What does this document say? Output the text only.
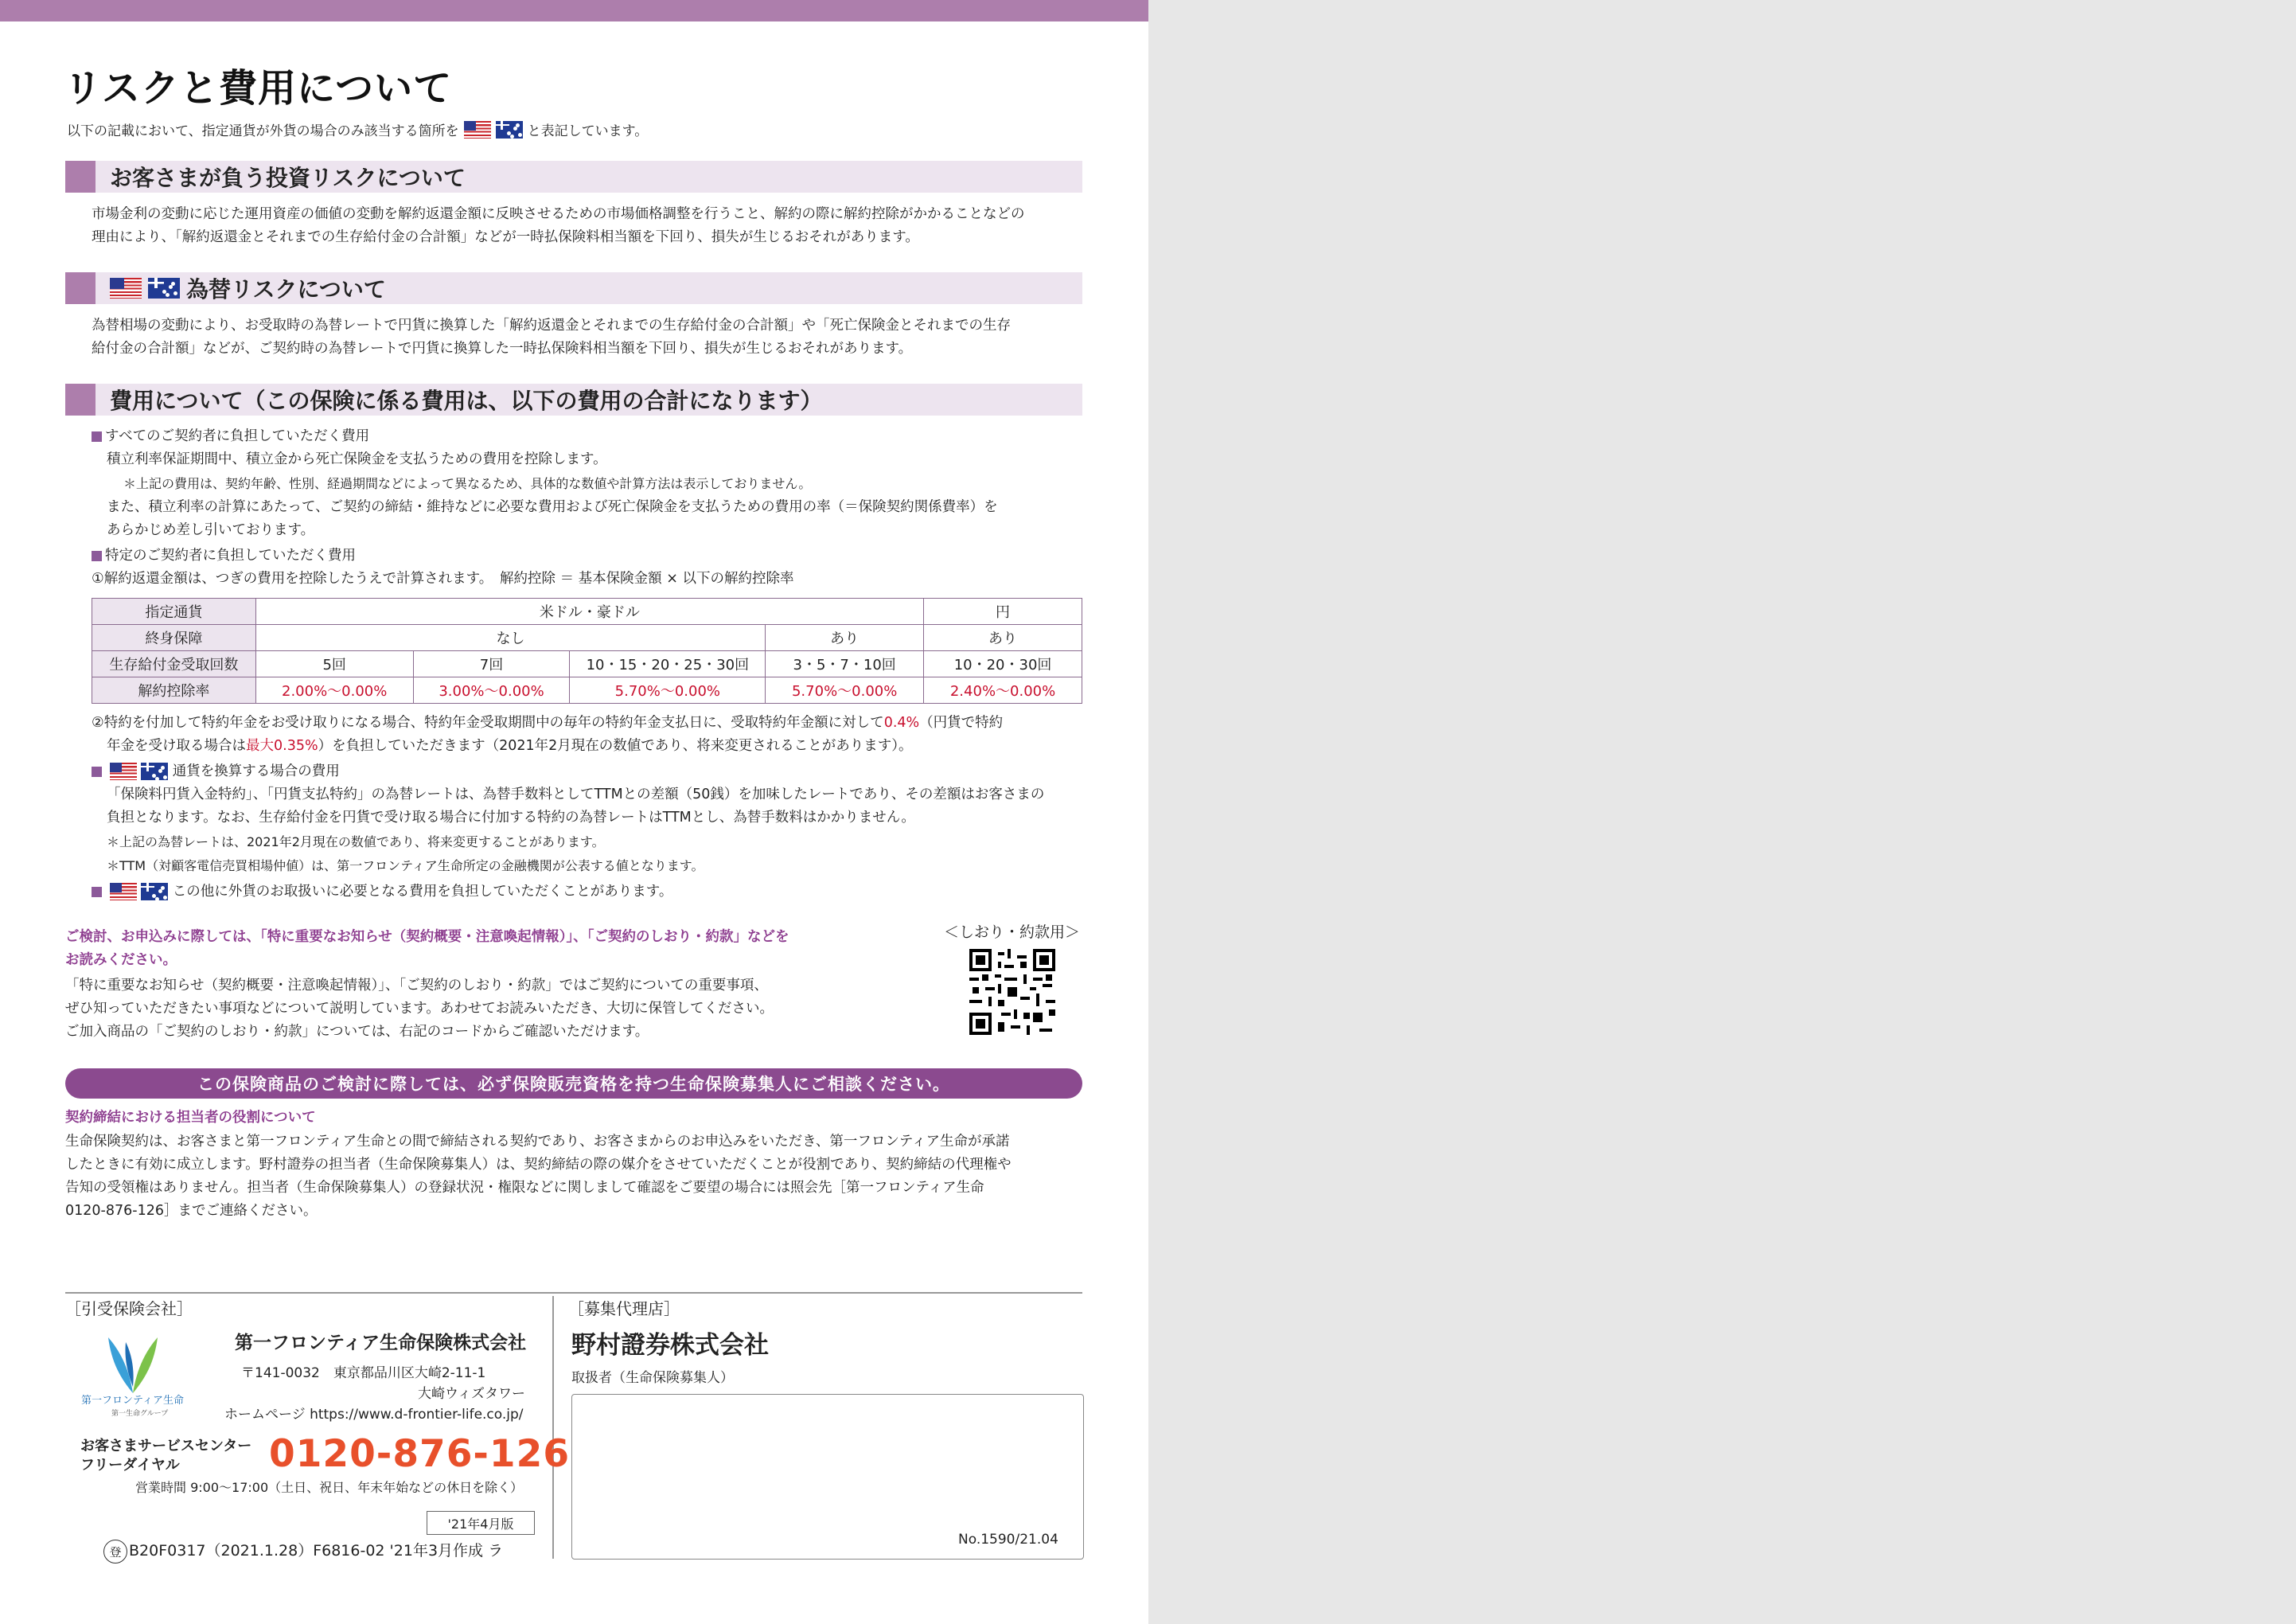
リスクと費用について
以下の記載において、指定通貨が外貨の場合のみ該当する箇所を	と表記しています。
お客さまが負う投資リスクについて
市場金利の変動に応じた運用資産の価値の変動を解約返還金額に反映させるための市場価格調整を行うこと、解約の際に解約控除がかかることなどの
理由により、「解約返還金とそれまでの生存給付金の合計額」などが一時払保険料相当額を下回り、損失が生じるおそれがあります。
為替リスクについて
為替相場の変動により、お受取時の為替レートで円貨に換算した「解約返還金とそれまでの生存給付金の合計額」や「死亡保険金とそれまでの生存
給付金の合計額」などが、ご契約時の為替レートで円貨に換算した一時払保険料相当額を下回り、損失が生じるおそれがあります。
費用について（この保険に係る費用は、以下の費用の合計になります）
すべてのご契約者に負担していただく費用
積立利率保証期間中、積立金から死亡保険金を支払うための費用を控除します。
＊上記の費用は、契約年齢、性別、経過期間などによって異なるため、具体的な数値や計算方法は表示しておりません。
また、積立利率の計算にあたって、ご契約の締結・維持などに必要な費用および死亡保険金を支払うための費用の率（＝保険契約関係費率）を
あらかじめ差し引いております。
特定のご契約者に負担していただく費用
①解約返還金額は、つぎの費用を控除したうえで計算されます。　解約控除 ＝ 基本保険金額 × 以下の解約控除率
指定通貨	米ドル・豪ドル				円
終身保障	なし			あり	あり
生存給付金受取回数	5回	7回	10・15・20・25・30回	3・5・7・10回	10・20・30回
解約控除率	2.00%〜0.00%	3.00%〜0.00%	5.70%〜0.00%	5.70%〜0.00%	2.40%〜0.00%
②特約を付加して特約年金をお受け取りになる場合、特約年金受取期間中の毎年の特約年金支払日に、受取特約年金額に対して0.4%（円貨で特約
年金を受け取る場合は最大0.35%）を負担していただきます（2021年2月現在の数値であり、将来変更されることがあります）。
通貨を換算する場合の費用
「保険料円貨入金特約」、「円貨支払特約」の為替レートは、為替手数料としてTTMとの差額（50銭）を加味したレートであり、その差額はお客さまの
負担となります。なお、生存給付金を円貨で受け取る場合に付加する特約の為替レートはTTMとし、為替手数料はかかりません。
＊上記の為替レートは、2021年2月現在の数値であり、将来変更することがあります。
＊TTM（対顧客電信売買相場仲値）は、第一フロンティア生命所定の金融機関が公表する値となります。
この他に外貨のお取扱いに必要となる費用を負担していただくことがあります。
ご検討、お申込みに際しては、「特に重要なお知らせ（契約概要・注意喚起情報）」、「ご契約のしおり・約款」などを
お読みください。
「特に重要なお知らせ（契約概要・注意喚起情報）」、「ご契約のしおり・約款」ではご契約についての重要事項、
ぜひ知っていただきたい事項などについて説明しています。あわせてお読みいただき、大切に保管してください。
ご加入商品の「ご契約のしおり・約款」については、右記のコードからご確認いただけます。
＜しおり・約款用＞
この保険商品のご検討に際しては、必ず保険販売資格を持つ生命保険募集人にご相談ください。
契約締結における担当者の役割について
生命保険契約は、お客さまと第一フロンティア生命との間で締結される契約であり、お客さまからのお申込みをいただき、第一フロンティア生命が承諾
したときに有効に成立します。野村證券の担当者（生命保険募集人）は、契約締結の際の媒介をさせていただくことが役割であり、契約締結の代理権や
告知の受領権はありません。担当者（生命保険募集人）の登録状況・権限などに関しまして確認をご要望の場合には照会先［第一フロンティア生命
0120-876-126］までご連絡ください。
［引受保険会社］
第一フロンティア生命
第一生命グループ
第一フロンティア生命保険株式会社
〒141-0032　東京都品川区大崎2-11-1
大崎ウィズタワー
ホームページ https://www.d-frontier-life.co.jp/
お客さまサービスセンター
フリーダイヤル 0120-876-126
営業時間 9:00〜17:00（土日、祝日、年末年始などの休日を除く）
'21年4月版
登 B20F0317（2021.1.28）F6816-02 '21年3月作成 ラ
［募集代理店］
野村證券株式会社
取扱者（生命保険募集人）
No.1590/21.04
